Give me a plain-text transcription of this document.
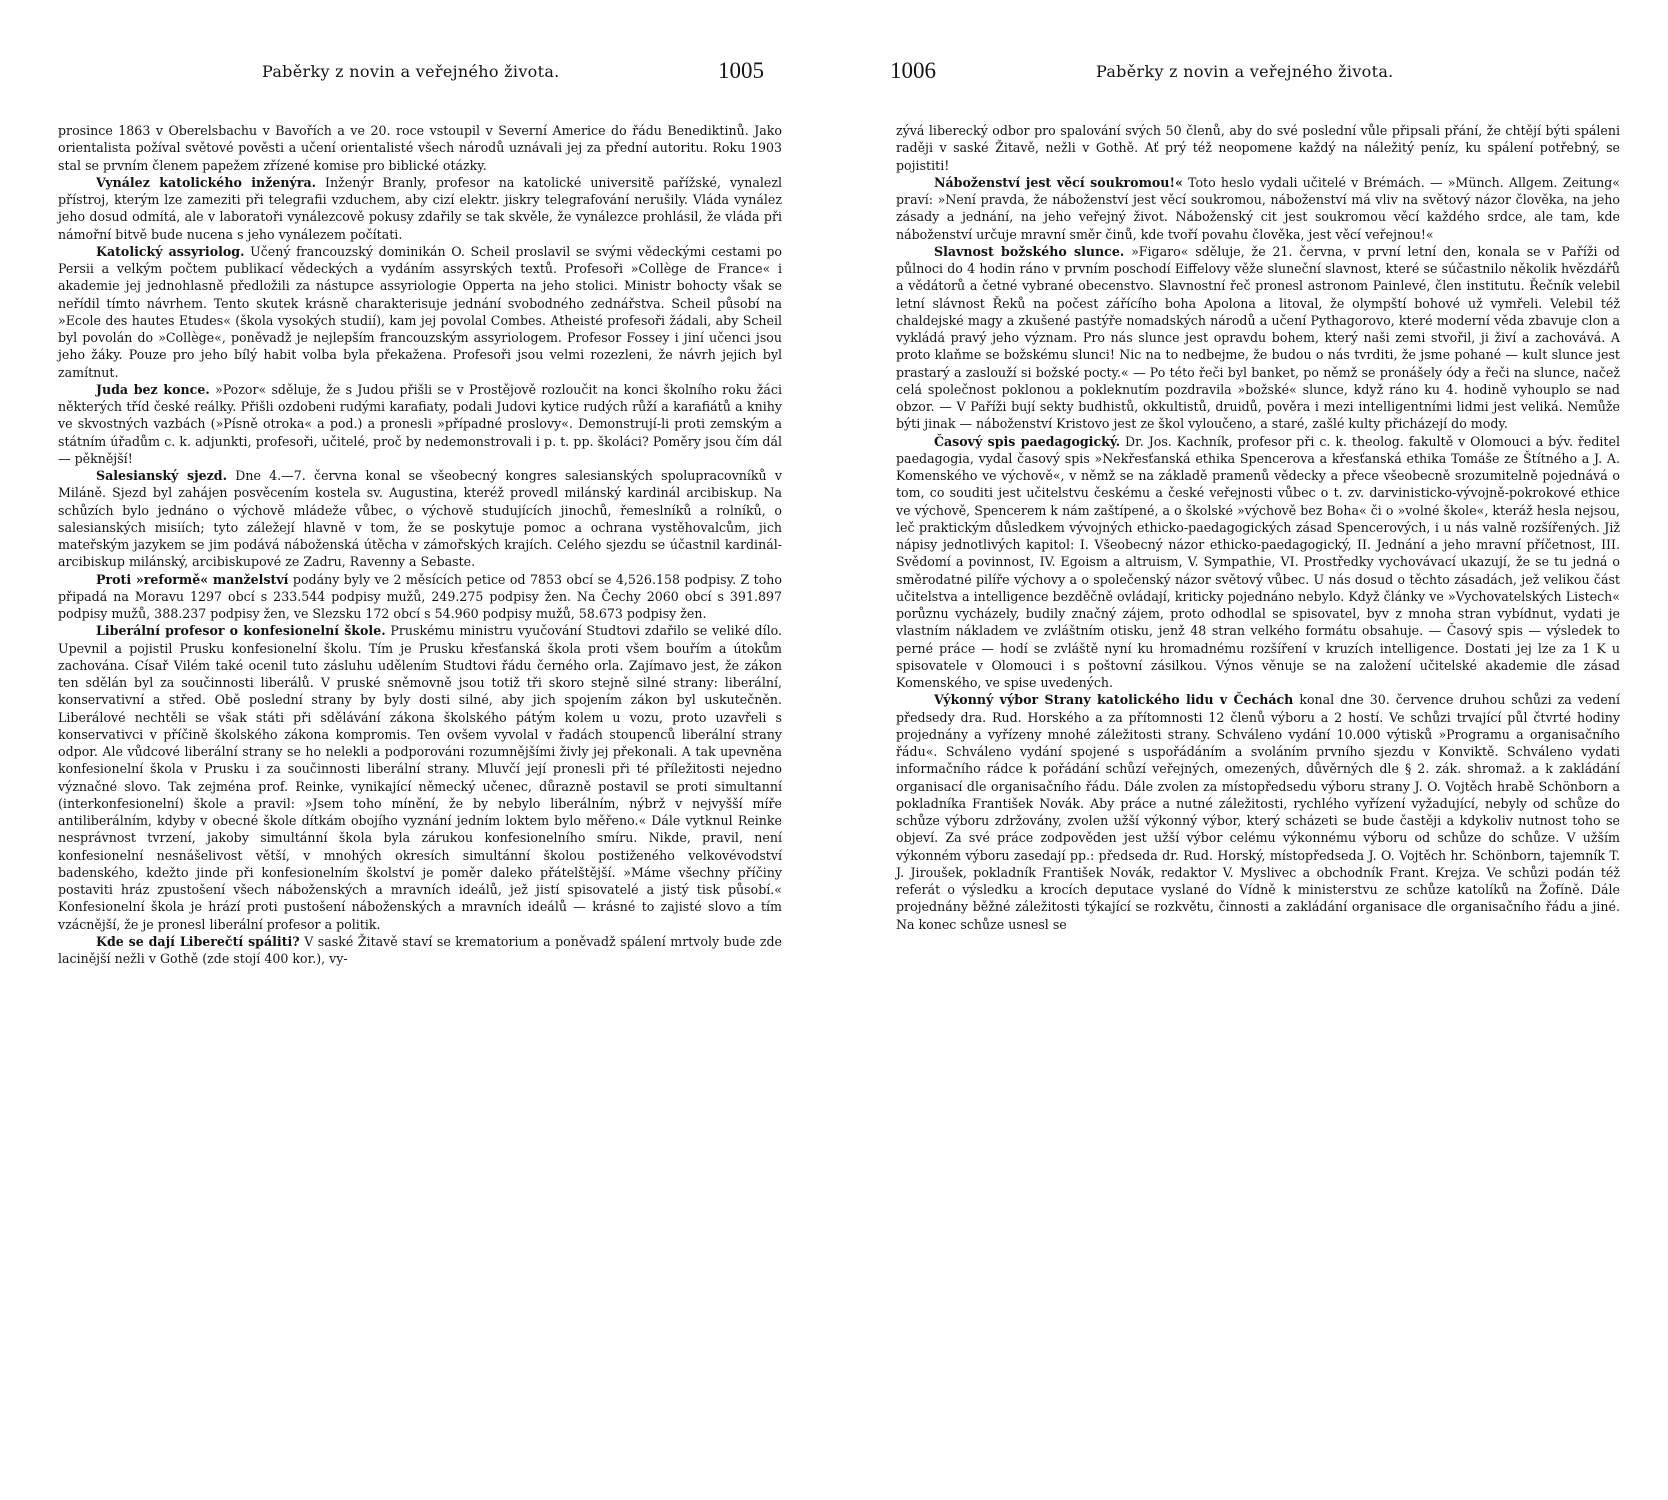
Paběrky z novin a veřejného života.	1005

prosince 1863 v Oberelsbachu v Bavořích a ve 20. roce vstoupil v Severní Americe do řádu Benediktinů. Jako orientalista požíval světové pověsti a učení orientalisté všech národů uznávali jej za přední autoritu. Roku 1903 stal se prvním členem papežem zřízené komise pro biblické otázky.

Vynález katolického inženýra. Inženýr Branly, profesor na katolické universitě pařížské, vynalezl přístroj, kterým lze zameziti při telegrafii vzduchem, aby cizí elektr. jiskry telegrafování nerušily. Vláda vynález jeho dosud odmítá, ale v laboratoři vynálezcově pokusy zdařily se tak skvěle, že vynálezce prohlásil, že vláda při námořní bitvě bude nucena s jeho vynálezem počítati.

Katolický assyriolog. Učený francouzský dominikán O. Scheil proslavil se svými vědeckými cestami po Persii a velkým počtem publikací vědeckých a vydáním assyrských textů. Profesoři »Collège de France« i akademie jej jednohlasně předložili za nástupce assyriologie Opperta na jeho stolici. Ministr bohocty však se neřídil tímto návrhem. Tento skutek krásně charakterisuje jednání svobodného zednářstva. Scheil působí na »Ecole des hautes Etudes« (škola vysokých studií), kam jej povolal Combes. Atheisté profesoři žádali, aby Scheil byl povolán do »Collège«, poněvadž je nejlepším francouzským assyriologem. Profesor Fossey i jiní učenci jsou jeho žáky. Pouze pro jeho bílý habit volba byla překažena. Profesoři jsou velmi rozezleni, že návrh jejich byl zamítnut.

Juda bez konce. »Pozor« sděluje, že s Judou přišli se v Prostějově rozloučit na konci školního roku žáci některých tříd české reálky. Přišli ozdobeni rudými karafiaty, podali Judovi kytice rudých růží a karafiátů a knihy ve skvostných vazbách (»Písně otroka« a pod.) a pronesli »případné proslovy«. Demonstrují-li proti zemským a státním úřadům c. k. adjunkti, profesoři, učitelé, proč by nedemonstrovali i p. t. pp. školáci? Poměry jsou čím dál — pěknější!

Salesianský sjezd. Dne 4.—7. června konal se všeobecný kongres salesianských spolupracovníků v Miláně. Sjezd byl zahájen posvěcením kostela sv. Augustina, kteréž provedl milánský kardinál arcibiskup. Na schůzích bylo jednáno o výchově mládeže vůbec, o výchově studujících jinochů, řemeslníků a rolníků, o salesianských misiích; tyto záležejí hlavně v tom, že se poskytuje pomoc a ochrana vystěhovalcům, jich mateřským jazykem se jim podává náboženská útěcha v zámořských krajích. Celého sjezdu se účastnil kardinál-arcibiskup milánský, arcibiskupové ze Zadru, Ravenny a Sebaste.

Proti »reformě« manželství podány byly ve 2 měsících petice od 7853 obcí se 4,526.158 podpisy. Z toho připadá na Moravu 1297 obcí s 233.544 podpisy mužů, 249.275 podpisy žen. Na Čechy 2060 obcí s 391.897 podpisy mužů, 388.237 podpisy žen, ve Slezsku 172 obcí s 54.960 podpisy mužů, 58.673 podpisy žen.

Liberální profesor o konfesionelní škole. Pruskému ministru vyučování Studtovi zdařilo se veliké dílo. Upevnil a pojistil Prusku konfesionelní školu. Tím je Prusku křesťanská škola proti všem bouřím a útokům zachována. Císař Vilém také ocenil tuto zásluhu udělením Studtovi řádu černého orla. Zajímavo jest, že zákon ten sdělán byl za součinnosti liberálů. V pruské sněmovně jsou totiž tři skoro stejně silné strany: liberální, konservativní a střed. Obě poslední strany by byly dosti silné, aby jich spojením zákon byl uskutečněn. Liberálové nechtěli se však státi při sdělávání zákona školského pátým kolem u vozu, proto uzavřeli s konservativci v příčině školského zákona kompromis. Ten ovšem vyvolal v řadách stoupenců liberální strany odpor. Ale vůdcové liberální strany se ho nelekli a podporováni rozumnějšími živly jej překonali. A tak upevněna konfesionelní škola v Prusku i za součinnosti liberální strany. Mluvčí její pronesli při té příležitosti nejedno význačné slovo. Tak zejména prof. Reinke, vynikající německý učenec, důrazně postavil se proti simultanní (interkonfesionelní) škole a pravil: »Jsem toho mínění, že by nebylo liberálním, nýbrž v nejvyšší míře antiliberálním, kdyby v obecné škole dítkám obojího vyznání jedním loktem bylo měřeno.« Dále vytknul Reinke nesprávnost tvrzení, jakoby simultánní škola byla zárukou konfesionelního smíru. Nikde, pravil, není konfesionelní nesnášelivost větší, v mnohých okresích simultánní školou postiženého velkovévodství badenského, kdežto jinde při konfesionelním školství je poměr daleko přátelštější. »Máme všechny příčiny postaviti hráz zpustošení všech náboženských a mravních ideálů, jež jistí spisovatelé a jistý tisk působí.« Konfesionelní škola je hrází proti pustošení náboženských a mravních ideálů — krásné to zajisté slovo a tím vzácnější, že je pronesl liberální profesor a politik.

Kde se dají Liberečtí spáliti? V saské Žitavě staví se krematorium a poněvadž spálení mrtvoly bude zde lacinější nežli v Gothě (zde stojí 400 kor.), vy-

1006	Paběrky z novin a veřejného života.

zývá liberecký odbor pro spalování svých 50 členů, aby do své poslední vůle připsali přání, že chtějí býti spáleni raději v saské Žitavě, nežli v Gothě. Ať prý též neopomene každý na náležitý peníz, ku spálení potřebný, se pojistiti!

Náboženství jest věcí soukromou!« Toto heslo vydali učitelé v Brémách. — »Münch. Allgem. Zeitung« praví: »Není pravda, že náboženství jest věcí soukromou, náboženství má vliv na světový názor člověka, na jeho zásady a jednání, na jeho veřejný život. Náboženský cit jest soukromou věcí každého srdce, ale tam, kde náboženství určuje mravní směr činů, kde tvoří povahu člověka, jest věcí veřejnou!«

Slavnost božského slunce. »Figaro« sděluje, že 21. června, v první letní den, konala se v Paříži od půlnoci do 4 hodin ráno v prvním poschodí Eiffelovy věže sluneční slavnost, které se súčastnilo několik hvězdářů a vědátorů a četné vybrané obecenstvo. Slavnostní řeč pronesl astronom Painlevé, člen institutu. Řečník velebil letní slávnost Řeků na počest zářícího boha Apolona a litoval, že olympští bohové už vymřeli. Velebil též chaldejské magy a zkušené pastýře nomadských národů a učení Pythagorovo, které moderní věda zbavuje clon a vykládá pravý jeho význam. Pro nás slunce jest opravdu bohem, který naši zemi stvořil, ji živí a zachovává. A proto klaňme se božskému slunci! Nic na to nedbejme, že budou o nás tvrditi, že jsme pohané — kult slunce jest prastarý a zaslouží si božské pocty.« — Po této řeči byl banket, po němž se pronášely ódy a řeči na slunce, načež celá společnost poklonou a pokleknutím pozdravila »božské« slunce, když ráno ku 4. hodině vyhouplo se nad obzor. — V Paříži bují sekty budhistů, okkultistů, druidů, pověra i mezi intelligentními lidmi jest veliká. Nemůže býti jinak — náboženství Kristovo jest ze škol vyloučeno, a staré, zašlé kulty přicházejí do mody.

Časový spis paedagogický. Dr. Jos. Kachník, profesor při c. k. theolog. fakultě v Olomouci a býv. ředitel paedagogia, vydal časový spis »Nekřesťanská ethika Spencerova a křesťanská ethika Tomáše ze Štítného a J. A. Komenského ve výchově«, v němž se na základě pramenů vědecky a přece všeobecně srozumitelně pojednává o tom, co souditi jest učitelstvu českému a české veřejnosti vůbec o t. zv. darvinisticko-vývojně-pokrokové ethice ve výchově, Spencerem k nám zaštípené, a o školské »výchově bez Boha« či o »volné škole«, kteráž hesla nejsou, leč praktickým důsledkem vývojných ethicko-paedagogických zásad Spencerových, i u nás valně rozšířených. Již nápisy jednotlivých kapitol: I. Všeobecný názor ethicko-paedagogický, II. Jednání a jeho mravní příčetnost, III. Svědomí a povinnost, IV. Egoism a altruism, V. Sympathie, VI. Prostředky vychovávací ukazují, že se tu jedná o směrodatné pilíře výchovy a o společenský názor světový vůbec. U nás dosud o těchto zásadách, jež velikou část učitelstva a intelligence bezděčně ovládají, kriticky pojednáno nebylo. Když články ve »Vychovatelských Listech« porůznu vycházely, budily značný zájem, proto odhodlal se spisovatel, byv z mnoha stran vybídnut, vydati je vlastním nákladem ve zvláštním otisku, jenž 48 stran velkého formátu obsahuje. — Časový spis — výsledek to perné práce — hodí se zvláště nyní ku hromadnému rozšíření v kruzích intelligence. Dostati jej lze za 1 K u spisovatele v Olomouci i s poštovní zásilkou. Výnos věnuje se na založení učitelské akademie dle zásad Komenského, ve spise uvedených.

Výkonný výbor Strany katolického lidu v Čechách konal dne 30. července druhou schůzi za vedení předsedy dra. Rud. Horského a za přítomnosti 12 členů výboru a 2 hostí. Ve schůzi trvající půl čtvrté hodiny projednány a vyřízeny mnohé záležitosti strany. Schváleno vydání 10.000 výtisků »Programu a organisačního řádu«. Schváleno vydání spojené s uspořádáním a svoláním prvního sjezdu v Konviktě. Schváleno vydati informačního rádce k pořádání schůzí veřejných, omezených, důvěrných dle § 2. zák. shromaž. a k zakládání organisací dle organisačního řádu. Dále zvolen za místopředsedu výboru strany J. O. Vojtěch hrabě Schönborn a pokladníka František Novák. Aby práce a nutné záležitosti, rychlého vyřízení vyžadující, nebyly od schůze do schůze výboru zdržovány, zvolen užší výkonný výbor, který scházeti se bude častěji a kdykoliv nutnost toho se objeví. Za své práce zodpověden jest užší výbor celému výkonnému výboru od schůze do schůze. V užším výkonném výboru zasedají pp.: předseda dr. Rud. Horský, místopředseda J. O. Vojtěch hr. Schönborn, tajemník T. J. Jiroušek, pokladník František Novák, redaktor V. Myslivec a obchodník Frant. Krejza. Ve schůzi podán též referát o výsledku a krocích deputace vyslané do Vídně k ministerstvu ze schůze katolíků na Žofíně. Dále projednány běžné záležitosti týkající se rozkvětu, činnosti a zakládání organisace dle organisačního řádu a jiné. Na konec schůze usnesl se
